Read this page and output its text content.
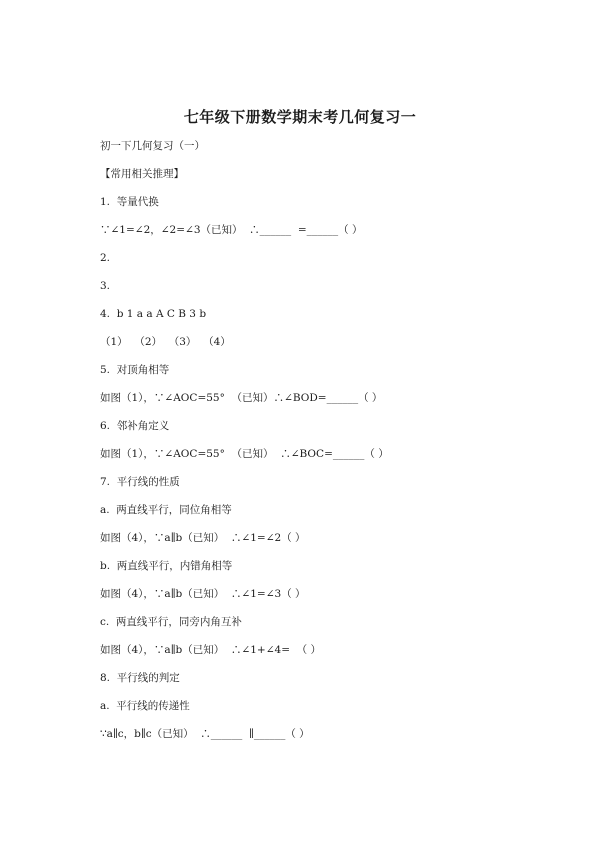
七年级下册数学期末考几何复习一
初一下几何复习（一）
【常用相关推理】
1.  等量代换
∵∠1=∠2，∠2=∠3（已知）  ∴______  =______（ ）
2.
3.
4.  b 1 a a A C B 3 b
（1）  （2）  （3）  （4）
5.  对顶角相等
如图（1），∵∠AOC=55°  （已知）∴∠BOD=______（ ）
6.  邻补角定义
如图（1），∵∠AOC=55°  （已知）  ∴∠BOC=______（ ）
7.  平行线的性质
a.  两直线平行，同位角相等
如图（4），∵a∥b（已知）  ∴∠1=∠2（ ）
b.  两直线平行，内错角相等
如图（4），∵a∥b（已知）  ∴∠1=∠3（ ）
c.  两直线平行，同旁内角互补
如图（4），∵a∥b（已知）  ∴∠1+∠4=  （ ）
8.  平行线的判定
a.  平行线的传递性
∵a∥c，b∥c（已知）  ∴______  ∥______（ ）
